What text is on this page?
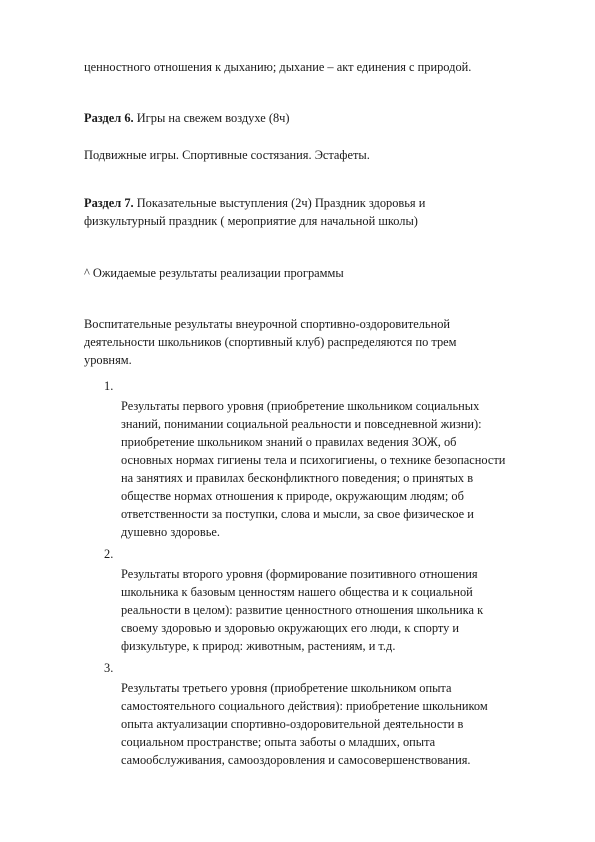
ценностного отношения к дыханию; дыхание – акт единения с природой.
Раздел 6. Игры на свежем воздухе (8ч)
Подвижные игры. Спортивные состязания. Эстафеты.
Раздел 7. Показательные выступления (2ч) Праздник здоровья и
физкультурный праздник ( мероприятие для начальной школы)
^ Ожидаемые результаты реализации программы
Воспитательные результаты внеурочной спортивно-оздоровительной
деятельности школьников (спортивный клуб) распределяются по трем
уровням.
1.
Результаты первого уровня (приобретение школьником социальных
знаний, понимании социальной реальности и повседневной жизни):
приобретение школьником знаний о правилах ведения ЗОЖ, об
основных нормах гигиены тела и психогигиены, о технике безопасности
на занятиях и правилах бесконфликтного поведения; о принятых в
обществе нормах отношения к природе, окружающим людям; об
ответственности за поступки, слова и мысли, за свое физическое и
душевно здоровье.
2.
Результаты второго уровня (формирование позитивного отношения
школьника к базовым ценностям нашего общества и к социальной
реальности в целом): развитие ценностного отношения школьника к
своему здоровью и здоровью окружающих его люди, к спорту и
физкультуре, к природ: животным, растениям, и т.д.
3.
Результаты третьего уровня (приобретение школьником опыта
самостоятельного социального действия): приобретение школьником
опыта актуализации спортивно-оздоровительной деятельности в
социальном пространстве; опыта заботы о младших, опыта
самообслуживания, самооздоровления и самосовершенствования.
